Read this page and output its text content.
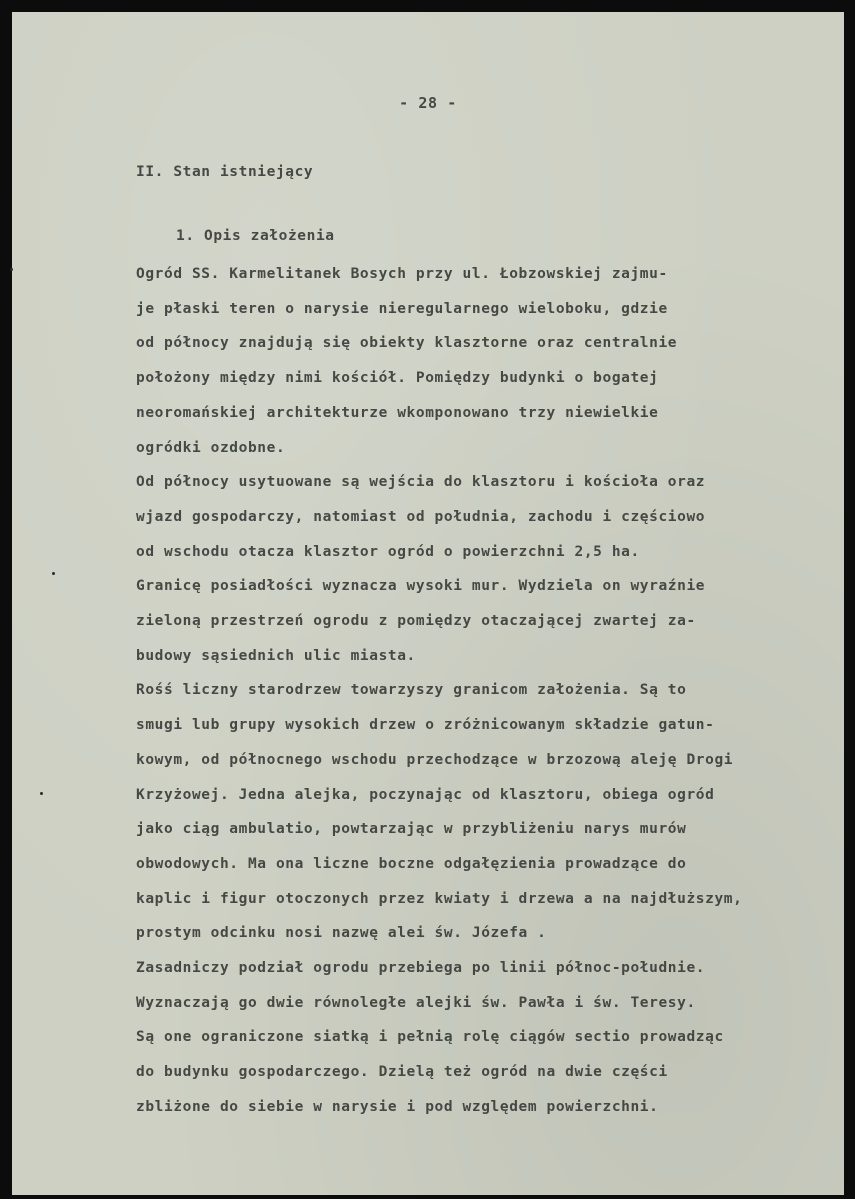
- 28 -
II. Stan istniejący
1. Opis założenia
Ogród SS. Karmelitanek Bosych przy ul. Łobzowskiej zajmu-
je płaski teren o narysie nieregularnego wieloboku, gdzie
od północy znajdują się obiekty klasztorne oraz centralnie
położony między nimi kościół. Pomiędzy budynki o bogatej
neoromańskiej architekturze wkomponowano trzy niewielkie
ogródki ozdobne.
Od północy usytuowane są wejścia do klasztoru i kościoła oraz
wjazd gospodarczy, natomiast od południa, zachodu i częściowo
od wschodu otacza klasztor ogród o powierzchni 2,5 ha.
Granicę posiadłości wyznacza wysoki mur. Wydziela on wyraźnie
zieloną przestrzeń ogrodu z pomiędzy otaczającej zwartej za-
budowy sąsiednich ulic miasta.
Rośś liczny starodrzew towarzyszy granicom założenia. Są to
smugi lub grupy wysokich drzew o zróżnicowanym składzie gatun-
kowym, od północnego wschodu przechodzące w brzozową aleję Drogi
Krzyżowej. Jedna alejka, poczynając od klasztoru, obiega ogród
jako ciąg ambulatio, powtarzając w przybliżeniu narys murów
obwodowych. Ma ona liczne boczne odgałęzienia prowadzące do
kaplic i figur otoczonych przez kwiaty i drzewa a na najdłuższym,
prostym odcinku nosi nazwę alei św. Józefa .
Zasadniczy podział ogrodu przebiega po linii północ-południe.
Wyznaczają go dwie równoległe alejki św. Pawła i św. Teresy.
Są one ograniczone siatką i pełnią rolę ciągów sectio prowadząc
do budynku gospodarczego. Dzielą też ogród na dwie części
zbliżone do siebie w narysie i pod względem powierzchni.
